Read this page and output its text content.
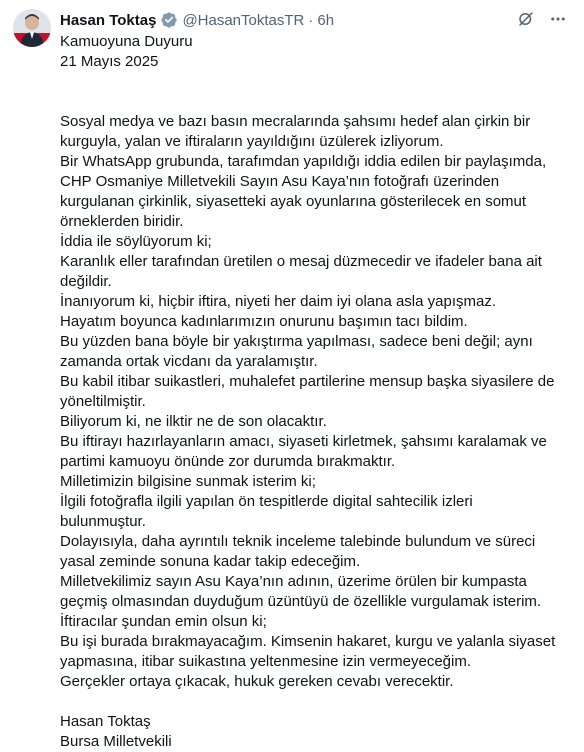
Hasan Toktaş @HasanToktasTR · 6h
Kamuoyuna Duyuru
21 Mayıs 2025
Sosyal medya ve bazı basın mecralarında şahsımı hedef alan çirkin bir
kurguyla, yalan ve iftiraların yayıldığını üzülerek izliyorum.
Bir WhatsApp grubunda, tarafımdan yapıldığı iddia edilen bir paylaşımda,
CHP Osmaniye Milletvekili Sayın Asu Kaya’nın fotoğrafı üzerinden
kurgulanan çirkinlik, siyasetteki ayak oyunlarına gösterilecek en somut
örneklerden biridir.
İddia ile söylüyorum ki;
Karanlık eller tarafından üretilen o mesaj düzmecedir ve ifadeler bana ait
değildir.
İnanıyorum ki, hiçbir iftira, niyeti her daim iyi olana asla yapışmaz.
Hayatım boyunca kadınlarımızın onurunu başımın tacı bildim.
Bu yüzden bana böyle bir yakıştırma yapılması, sadece beni değil; aynı
zamanda ortak vicdanı da yaralamıştır.
Bu kabil itibar suikastleri, muhalefet partilerine mensup başka siyasilere de
yöneltilmiştir.
Biliyorum ki, ne ilktir ne de son olacaktır.
Bu iftirayı hazırlayanların amacı, siyaseti kirletmek, şahsımı karalamak ve
partimi kamuoyu önünde zor durumda bırakmaktır.
Milletimizin bilgisine sunmak isterim ki;
İlgili fotoğrafla ilgili yapılan ön tespitlerde digital sahtecilik izleri
bulunmuştur.
Dolayısıyla, daha ayrıntılı teknik inceleme talebinde bulundum ve süreci
yasal zeminde sonuna kadar takip edeceğim.
Milletvekilimiz sayın Asu Kaya’nın adının, üzerime örülen bir kumpasta
geçmiş olmasından duyduğum üzüntüyü de özellikle vurgulamak isterim.
İftiracılar şundan emin olsun ki;
Bu işi burada bırakmayacağım. Kimsenin hakaret, kurgu ve yalanla siyaset
yapmasına, itibar suikastına yeltenmesine izin vermeyeceğim.
Gerçekler ortaya çıkacak, hukuk gereken cevabı verecektir.
Hasan Toktaş
Bursa Milletvekili
